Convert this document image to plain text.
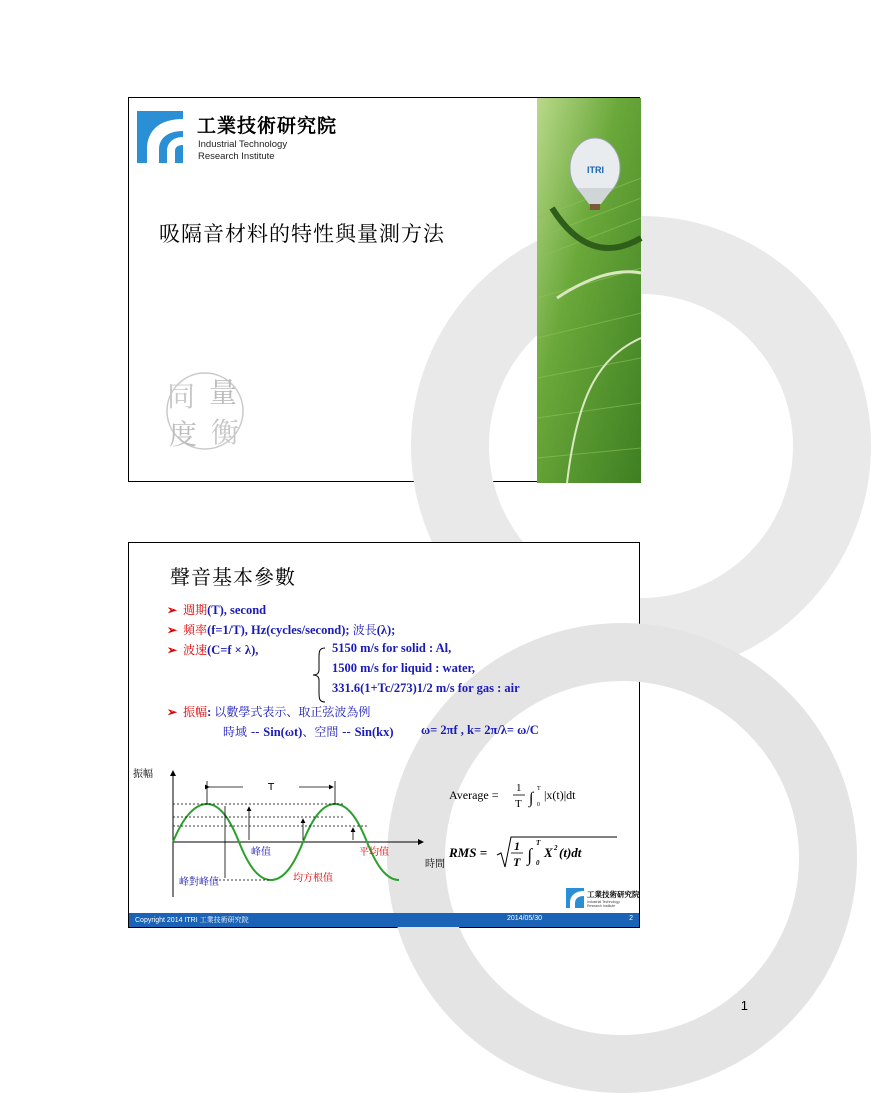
工業技術研究院
Industrial Technology
Research Institute
吸隔音材料的特性與量測方法
ITRI
同 量
度 衡
聲音基本參數
➢ 週期(T), second
➢ 頻率(f=1/T), Hz(cycles/second); 波長(λ);
➢ 波速(C=f × λ),	5150 m/s for solid : Al,
1500 m/s for liquid : water,
331.6(1+Tc/273)1/2 m/s for gas : air
➢ 振幅: 以數學式表示、取正弦波為例
時域 -- Sin(ωt)、空間 -- Sin(kx) ω= 2πf , k= 2π/λ= ω/C
振幅
時間
T
峰值	平均值
峰對峰值	均方根值
Average = 1
T ∫
T
0
|x(t)|dt
RMS = 1
T ∫
T
0
X 2 (t)dt
工業技術研究院
Industrial Technology
Research Institute
Copyright 2014 ITRI 工業技術研究院	2014/05/30	2
1
